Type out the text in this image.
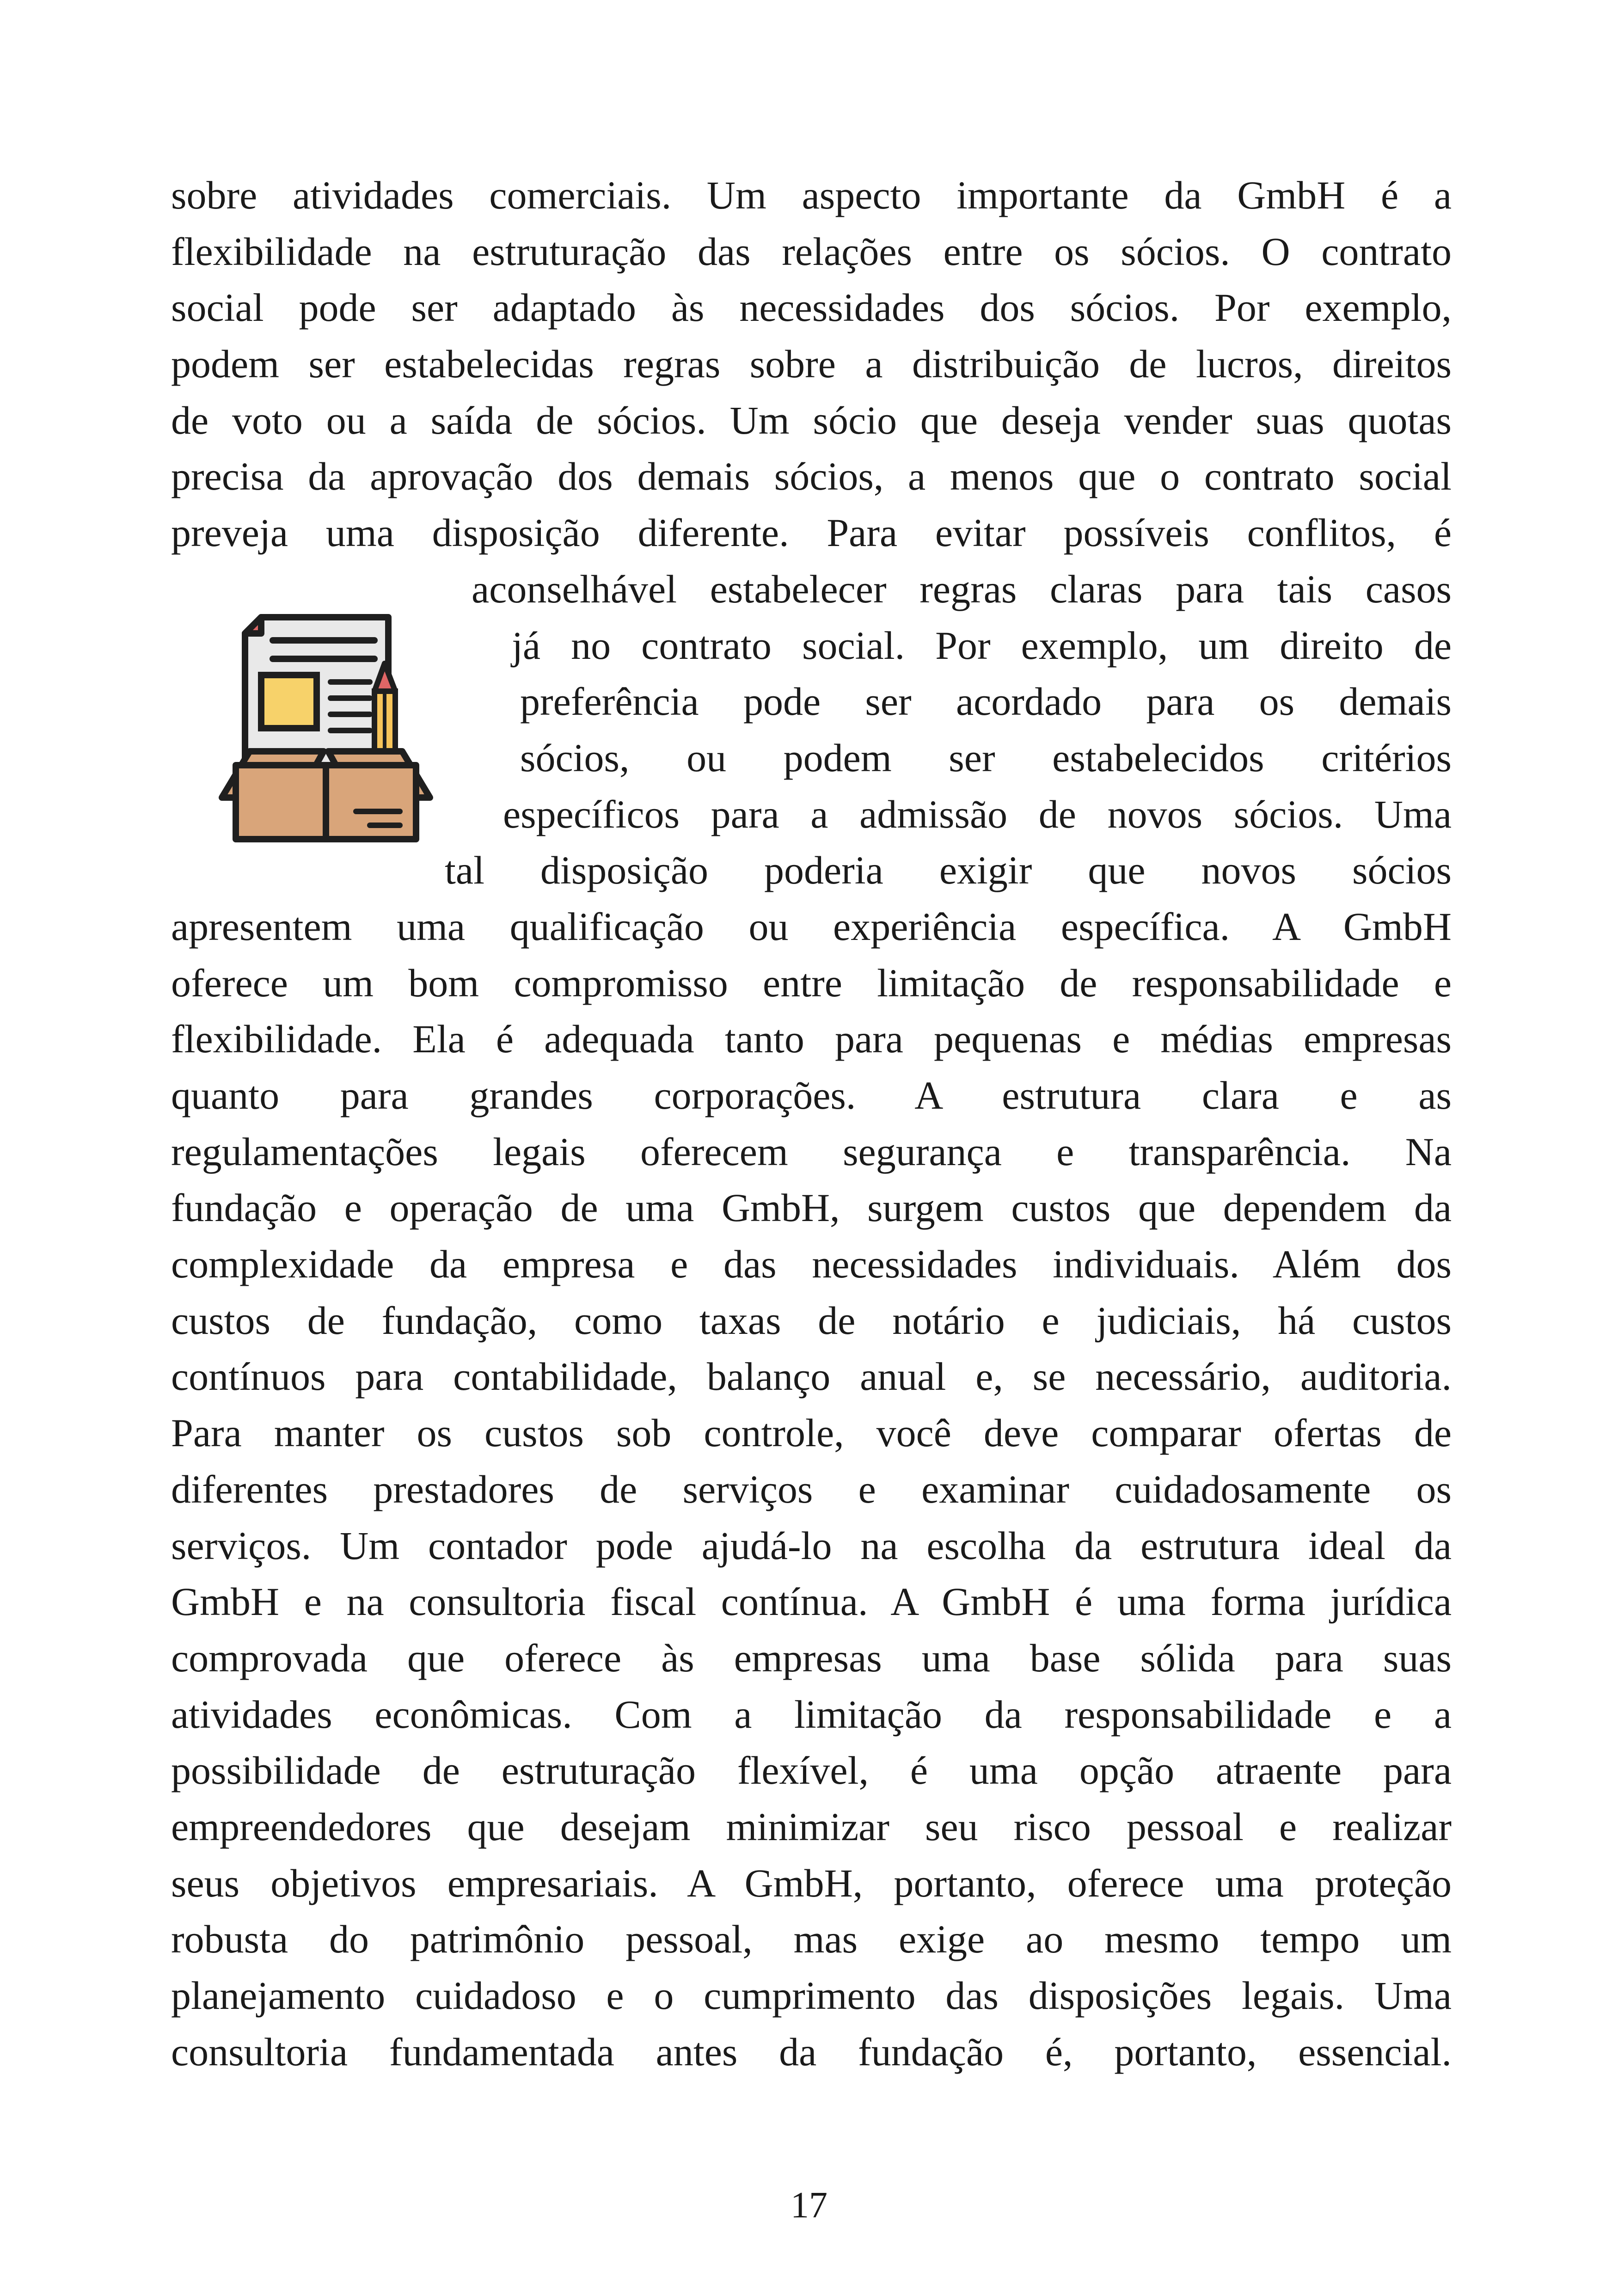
sobre atividades comerciais. Um aspecto importante da GmbH é a
flexibilidade na estruturação das relações entre os sócios. O contrato
social pode ser adaptado às necessidades dos sócios. Por exemplo,
podem ser estabelecidas regras sobre a distribuição de lucros, direitos
de voto ou a saída de sócios. Um sócio que deseja vender suas quotas
precisa da aprovação dos demais sócios, a menos que o contrato social
preveja uma disposição diferente. Para evitar possíveis conflitos, é
aconselhável estabelecer regras claras para tais casos
já no contrato social. Por exemplo, um direito de
preferência pode ser acordado para os demais
sócios, ou podem ser estabelecidos critérios
específicos para a admissão de novos sócios. Uma
tal disposição poderia exigir que novos sócios
apresentem uma qualificação ou experiência específica. A GmbH
oferece um bom compromisso entre limitação de responsabilidade e
flexibilidade. Ela é adequada tanto para pequenas e médias empresas
quanto para grandes corporações. A estrutura clara e as
regulamentações legais oferecem segurança e transparência. Na
fundação e operação de uma GmbH, surgem custos que dependem da
complexidade da empresa e das necessidades individuais. Além dos
custos de fundação, como taxas de notário e judiciais, há custos
contínuos para contabilidade, balanço anual e, se necessário, auditoria.
Para manter os custos sob controle, você deve comparar ofertas de
diferentes prestadores de serviços e examinar cuidadosamente os
serviços. Um contador pode ajudá-lo na escolha da estrutura ideal da
GmbH e na consultoria fiscal contínua. A GmbH é uma forma jurídica
comprovada que oferece às empresas uma base sólida para suas
atividades econômicas. Com a limitação da responsabilidade e a
possibilidade de estruturação flexível, é uma opção atraente para
empreendedores que desejam minimizar seu risco pessoal e realizar
seus objetivos empresariais. A GmbH, portanto, oferece uma proteção
robusta do patrimônio pessoal, mas exige ao mesmo tempo um
planejamento cuidadoso e o cumprimento das disposições legais. Uma
consultoria fundamentada antes da fundação é, portanto, essencial.
17
